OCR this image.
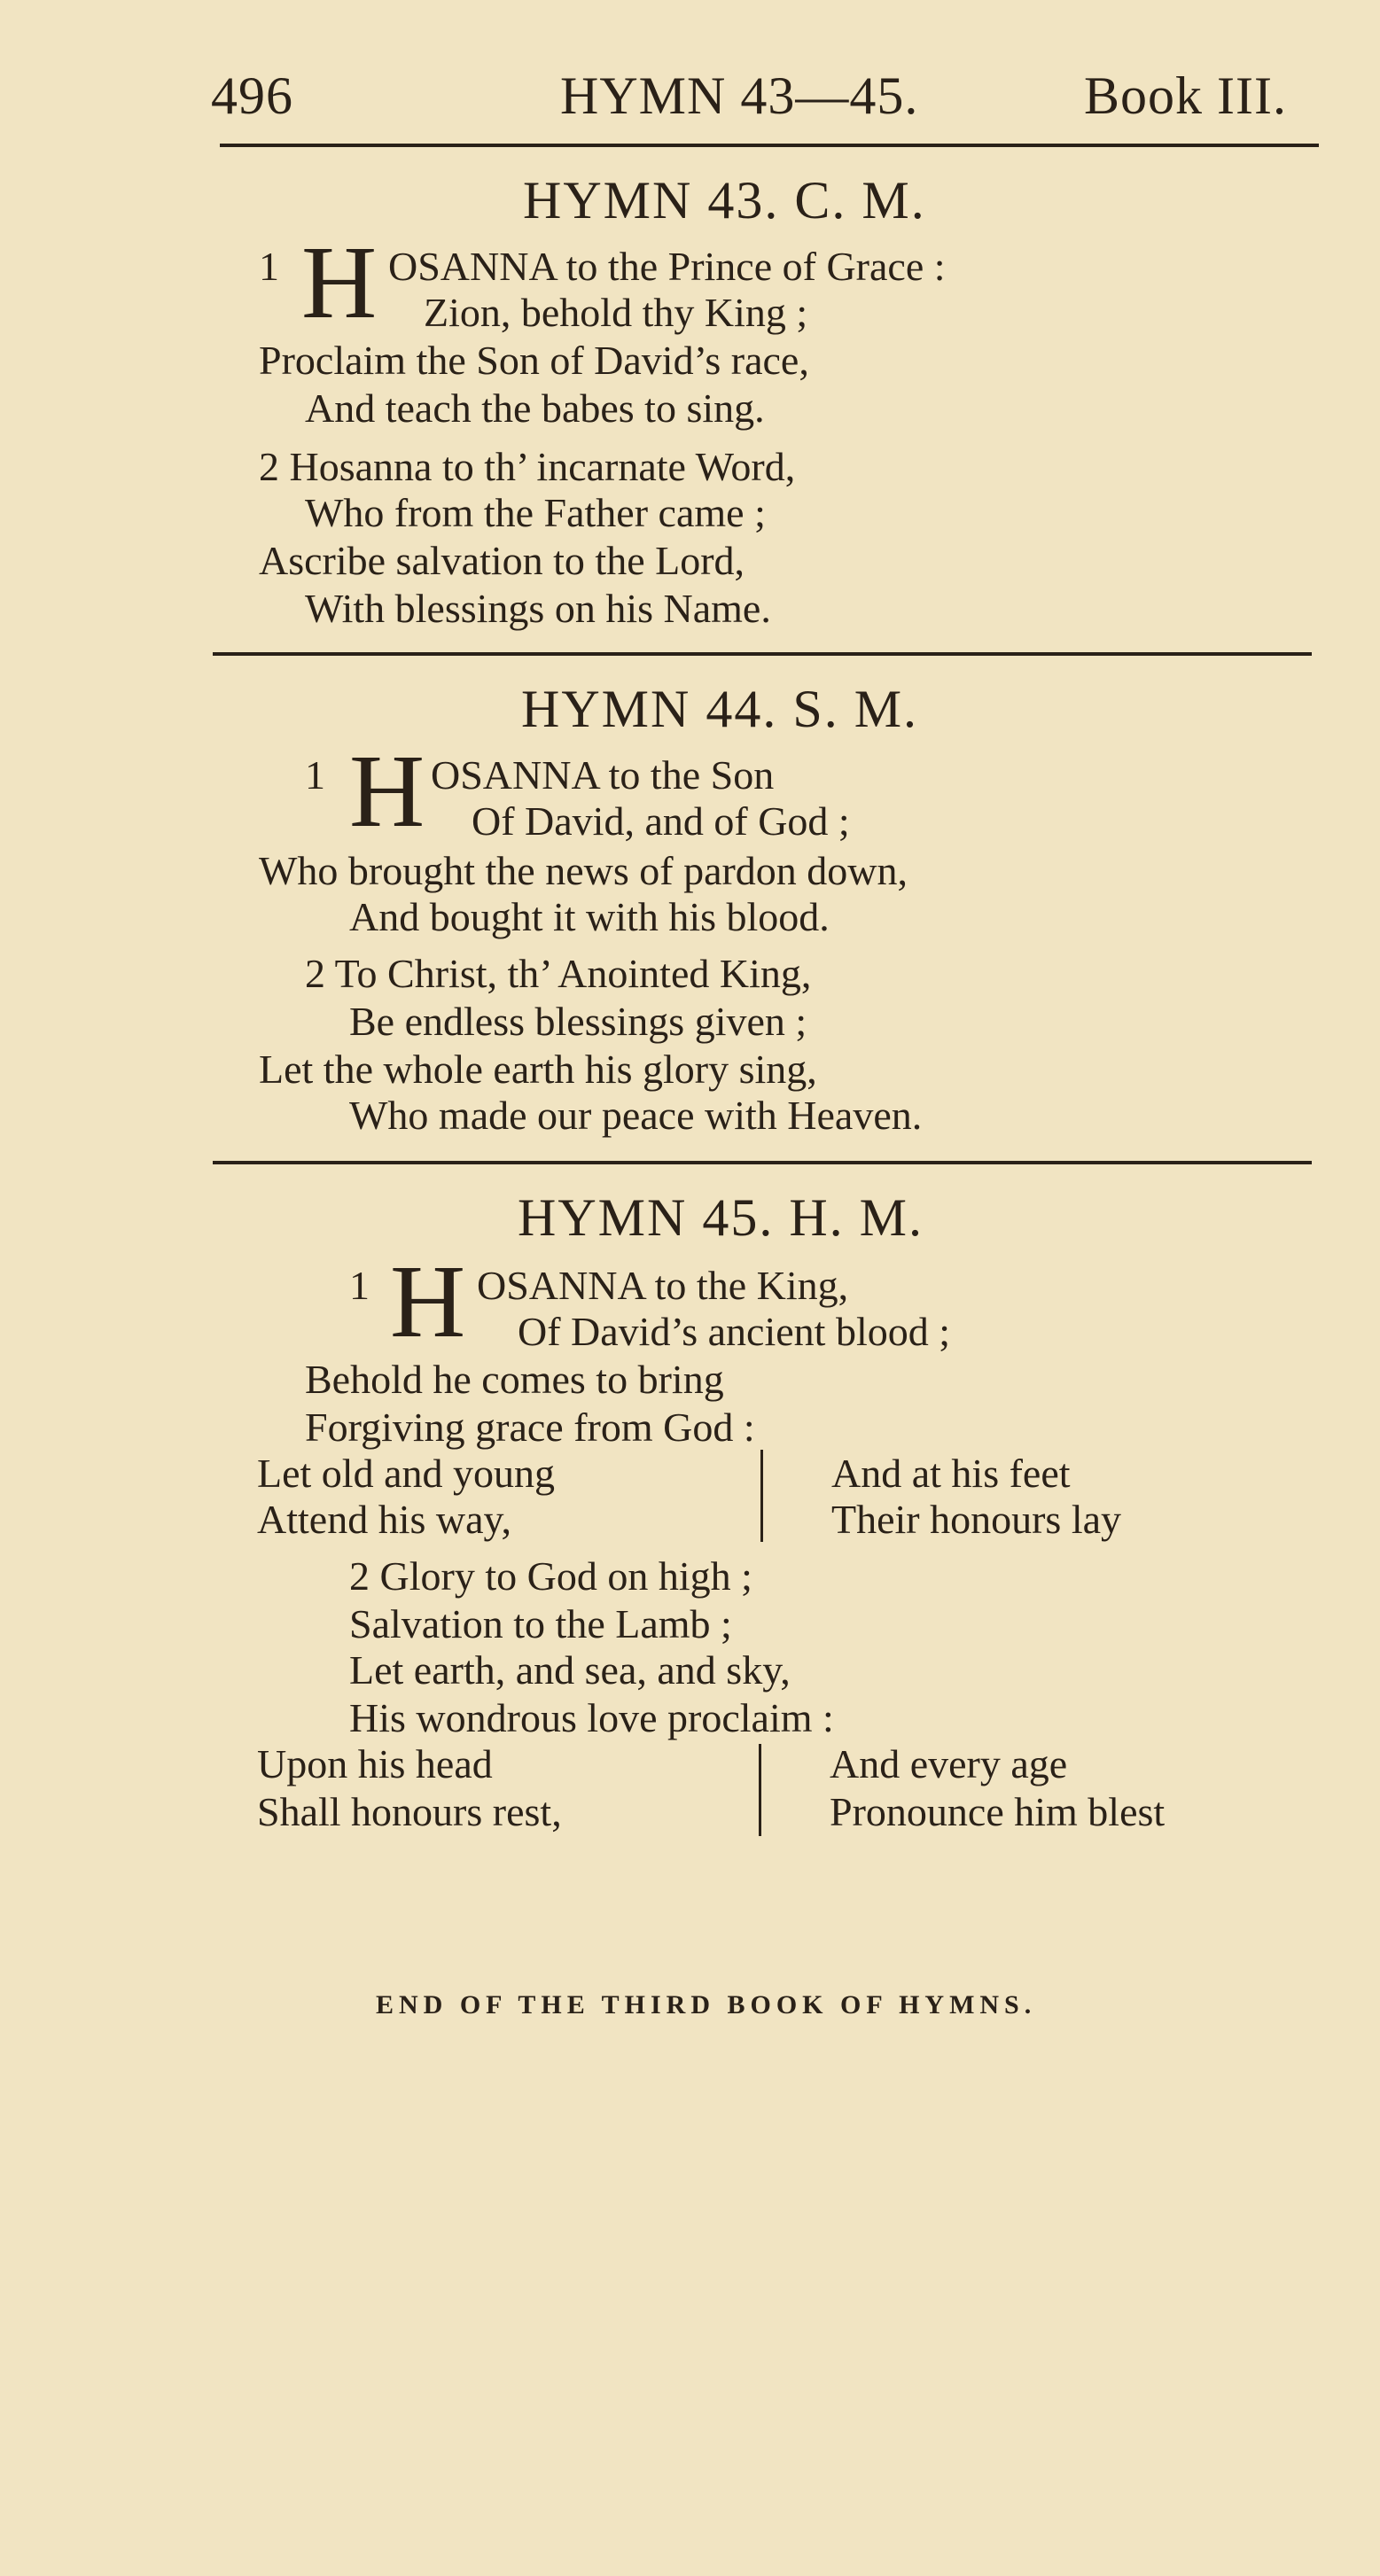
496	HYMN 43—45.	Book III.
HYMN 43. C. M.
1 H OSANNA to the Prince of Grace :
Zion, behold thy King ;
Proclaim the Son of David’s race,
And teach the babes to sing.
2 Hosanna to th’ incarnate Word,
Who from the Father came ;
Ascribe salvation to the Lord,
With blessings on his Name.
HYMN 44. S. M.
1 H OSANNA to the Son
Of David, and of God ;
Who brought the news of pardon down,
And bought it with his blood.
2 To Christ, th’ Anointed King,
Be endless blessings given ;
Let the whole earth his glory sing,
Who made our peace with Heaven.
HYMN 45. H. M.
1 H OSANNA to the King,
Of David’s ancient blood ;
Behold he comes to bring
Forgiving grace from God :
Let old and young
Attend his way,
And at his feet
Their honours lay
2 Glory to God on high ;
Salvation to the Lamb ;
Let earth, and sea, and sky,
His wondrous love proclaim :
Upon his head
Shall honours rest,
And every age
Pronounce him blest
END OF THE THIRD BOOK OF HYMNS.
